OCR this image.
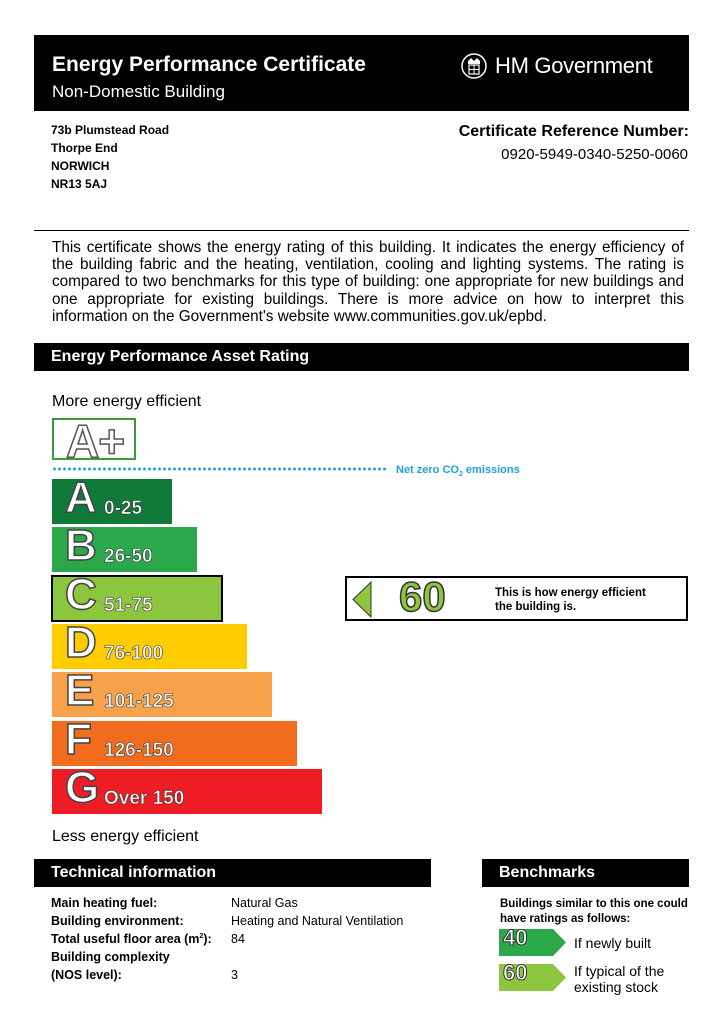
Energy Performance Certificate
Non-Domestic Building
HM Government
73b Plumstead Road
Thorpe End
NORWICH
NR13 5AJ
Certificate Reference Number:
0920-5949-0340-5250-0060
This certificate shows the energy rating of this building. It indicates the energy efficiency of the building fabric and the heating, ventilation, cooling and lighting systems. The rating is compared to two benchmarks for this type of building: one appropriate for new buildings and one appropriate for existing buildings. There is more advice on how to interpret this information on the Government's website www.communities.gov.uk/epbd.
Energy Performance Asset Rating
More energy efficient
A+
Net zero $CO_2$ emissions
A 0-25
B 26-50
C 51-75
D 76-100
E 101-125
F 126-150
G Over 150
60	This is how energy efficient the building is.
Less energy efficient
Technical information
Main heating fuel:	Natural Gas
Building environment:	Heating and Natural Ventilation
Total useful floor area $(m^2)$: 84
Building complexity
(NOS level):	3
Benchmarks
Buildings similar to this one could have ratings as follows:
40	If newly built
60	If typical of the existing stock
